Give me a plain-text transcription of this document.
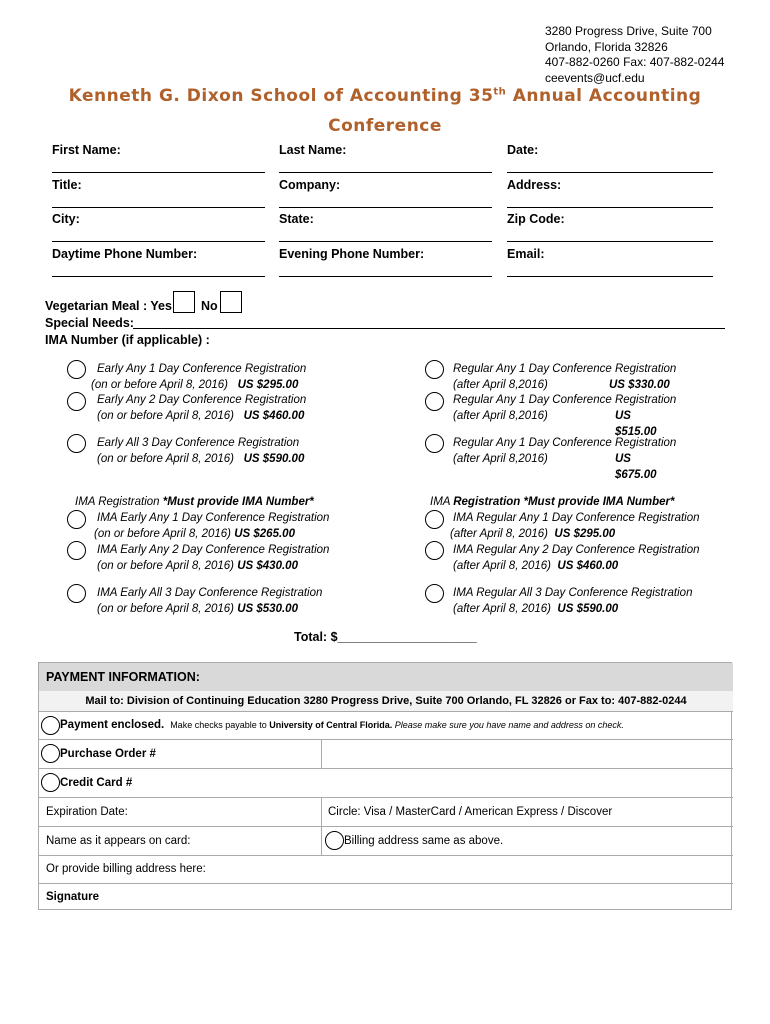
3280 Progress Drive, Suite 700
Orlando, Florida 32826
407-882-0260 Fax: 407-882-0244
ceevents@ucf.edu
Kenneth G. Dixon School of Accounting 35th Annual Accounting
Conference
First Name:	Last Name:	Date:
Title:	Company:	Address:
City:	State:	Zip Code:
Daytime Phone Number:	Evening Phone Number:	Email:
Vegetarian Meal : Yes No
Special Needs:
IMA Number (if applicable) :
Early Any 1 Day Conference Registration
(on or before April 8, 2016) US $295.00
Early Any 2 Day Conference Registration
(on or before April 8, 2016) US $460.00
Early All 3 Day Conference Registration
(on or before April 8, 2016) US $590.00
Regular Any 1 Day Conference Registration
(after April 8,2016)	US $330.00
Regular Any 1 Day Conference Registration
(after April 8,2016)	US $515.00
Regular Any 1 Day Conference Registration
(after April 8,2016)	US $675.00
IMA Registration *Must provide IMA Number*	IMA Registration *Must provide IMA Number*
IMA Early Any 1 Day Conference Registration
(on or before April 8, 2016) US $265.00
IMA Early Any 2 Day Conference Registration
(on or before April 8, 2016) US $430.00
IMA Early All 3 Day Conference Registration
(on or before April 8, 2016) US $530.00
IMA Regular Any 1 Day Conference Registration
(after April 8, 2016) US $295.00
IMA Regular Any 2 Day Conference Registration
(after April 8, 2016) US $460.00
IMA Regular All 3 Day Conference Registration
(after April 8, 2016) US $590.00
Total: $____________________
PAYMENT INFORMATION:
Mail to: Division of Continuing Education 3280 Progress Drive, Suite 700 Orlando, FL 32826 or Fax to: 407-882-0244
Payment enclosed. Make checks payable to University of Central Florida. Please make sure you have name and address on check.
Purchase Order #
Credit Card #
Expiration Date:	Circle: Visa / MasterCard / American Express / Discover
Name as it appears on card:	Billing address same as above.
Or provide billing address here:
Signature
